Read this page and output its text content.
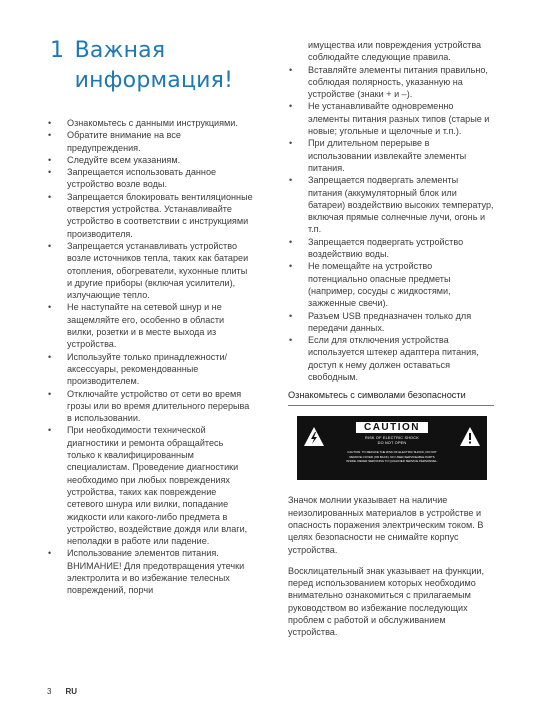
1 Важная информация!
• Ознакомьтесь с данными инструкциями.
• Обратите внимание на все предупреждения.
• Следуйте всем указаниям.
• Запрещается использовать данное устройство возле воды.
• Запрещается блокировать вентиляционные отверстия устройства. Устанавливайте устройство в соответствии с инструкциями производителя.
• Запрещается устанавливать устройство возле источников тепла, таких как батареи отопления, обогреватели, кухонные плиты и другие приборы (включая усилители), излучающие тепло.
• Не наступайте на сетевой шнур и не защемляйте его, особенно в области вилки, розетки и в месте выхода из устройства.
• Используйте только принадлежности/аксессуары, рекомендованные производителем.
• Отключайте устройство от сети во время грозы или во время длительного перерыва в использовании.
• При необходимости технической диагностики и ремонта обращайтесь только к квалифицированным специалистам. Проведение диагностики необходимо при любых повреждениях устройства, таких как повреждение сетевого шнура или вилки, попадание жидкости или какого-либо предмета в устройство, воздействие дождя или влаги, неполадки в работе или падение.
• Использование элементов питания. ВНИМАНИЕ! Для предотвращения утечки электролита и во избежание телесных повреждений, порчи
имущества или повреждения устройства соблюдайте следующие правила.
• Вставляйте элементы питания правильно, соблюдая полярность, указанную на устройстве (знаки + и –).
• Не устанавливайте одновременно элементы питания разных типов (старые и новые; угольные и щелочные и т.п.).
• При длительном перерыве в использовании извлекайте элементы питания.
• Запрещается подвергать элементы питания (аккумуляторный блок или батареи) воздействию высоких температур, включая прямые солнечные лучи, огонь и т.п.
• Запрещается подвергать устройство воздействию воды.
• Не помещайте на устройство потенциально опасные предметы (например, сосуды с жидкостями, зажженные свечи).
• Разъем USB предназначен только для передачи данных.
• Если для отключения устройства используется штекер адаптера питания, доступ к нему должен оставаться свободным.
Ознакомьтесь с символами безопасности
CAUTION
RISK OF ELECTRIC SHOCK
DO NOT OPEN
CAUTION: TO REDUCE THE RISK OF ELECTRIC SHOCK, DO NOT
REMOVE COVER (OR BACK). NO USER-SERVICEABLE PARTS
INSIDE. REFER SERVICING TO QUALIFIED SERVICE PERSONNEL.

Значок молнии указывает на наличие неизолированных материалов в устройстве и опасность поражения электрическим током. В целях безопасности не снимайте корпус устройства.

Восклицательный знак указывает на функции, перед использованием которых необходимо внимательно ознакомиться с прилагаемым руководством во избежание последующих проблем с работой и обслуживанием устройства.

3 RU
